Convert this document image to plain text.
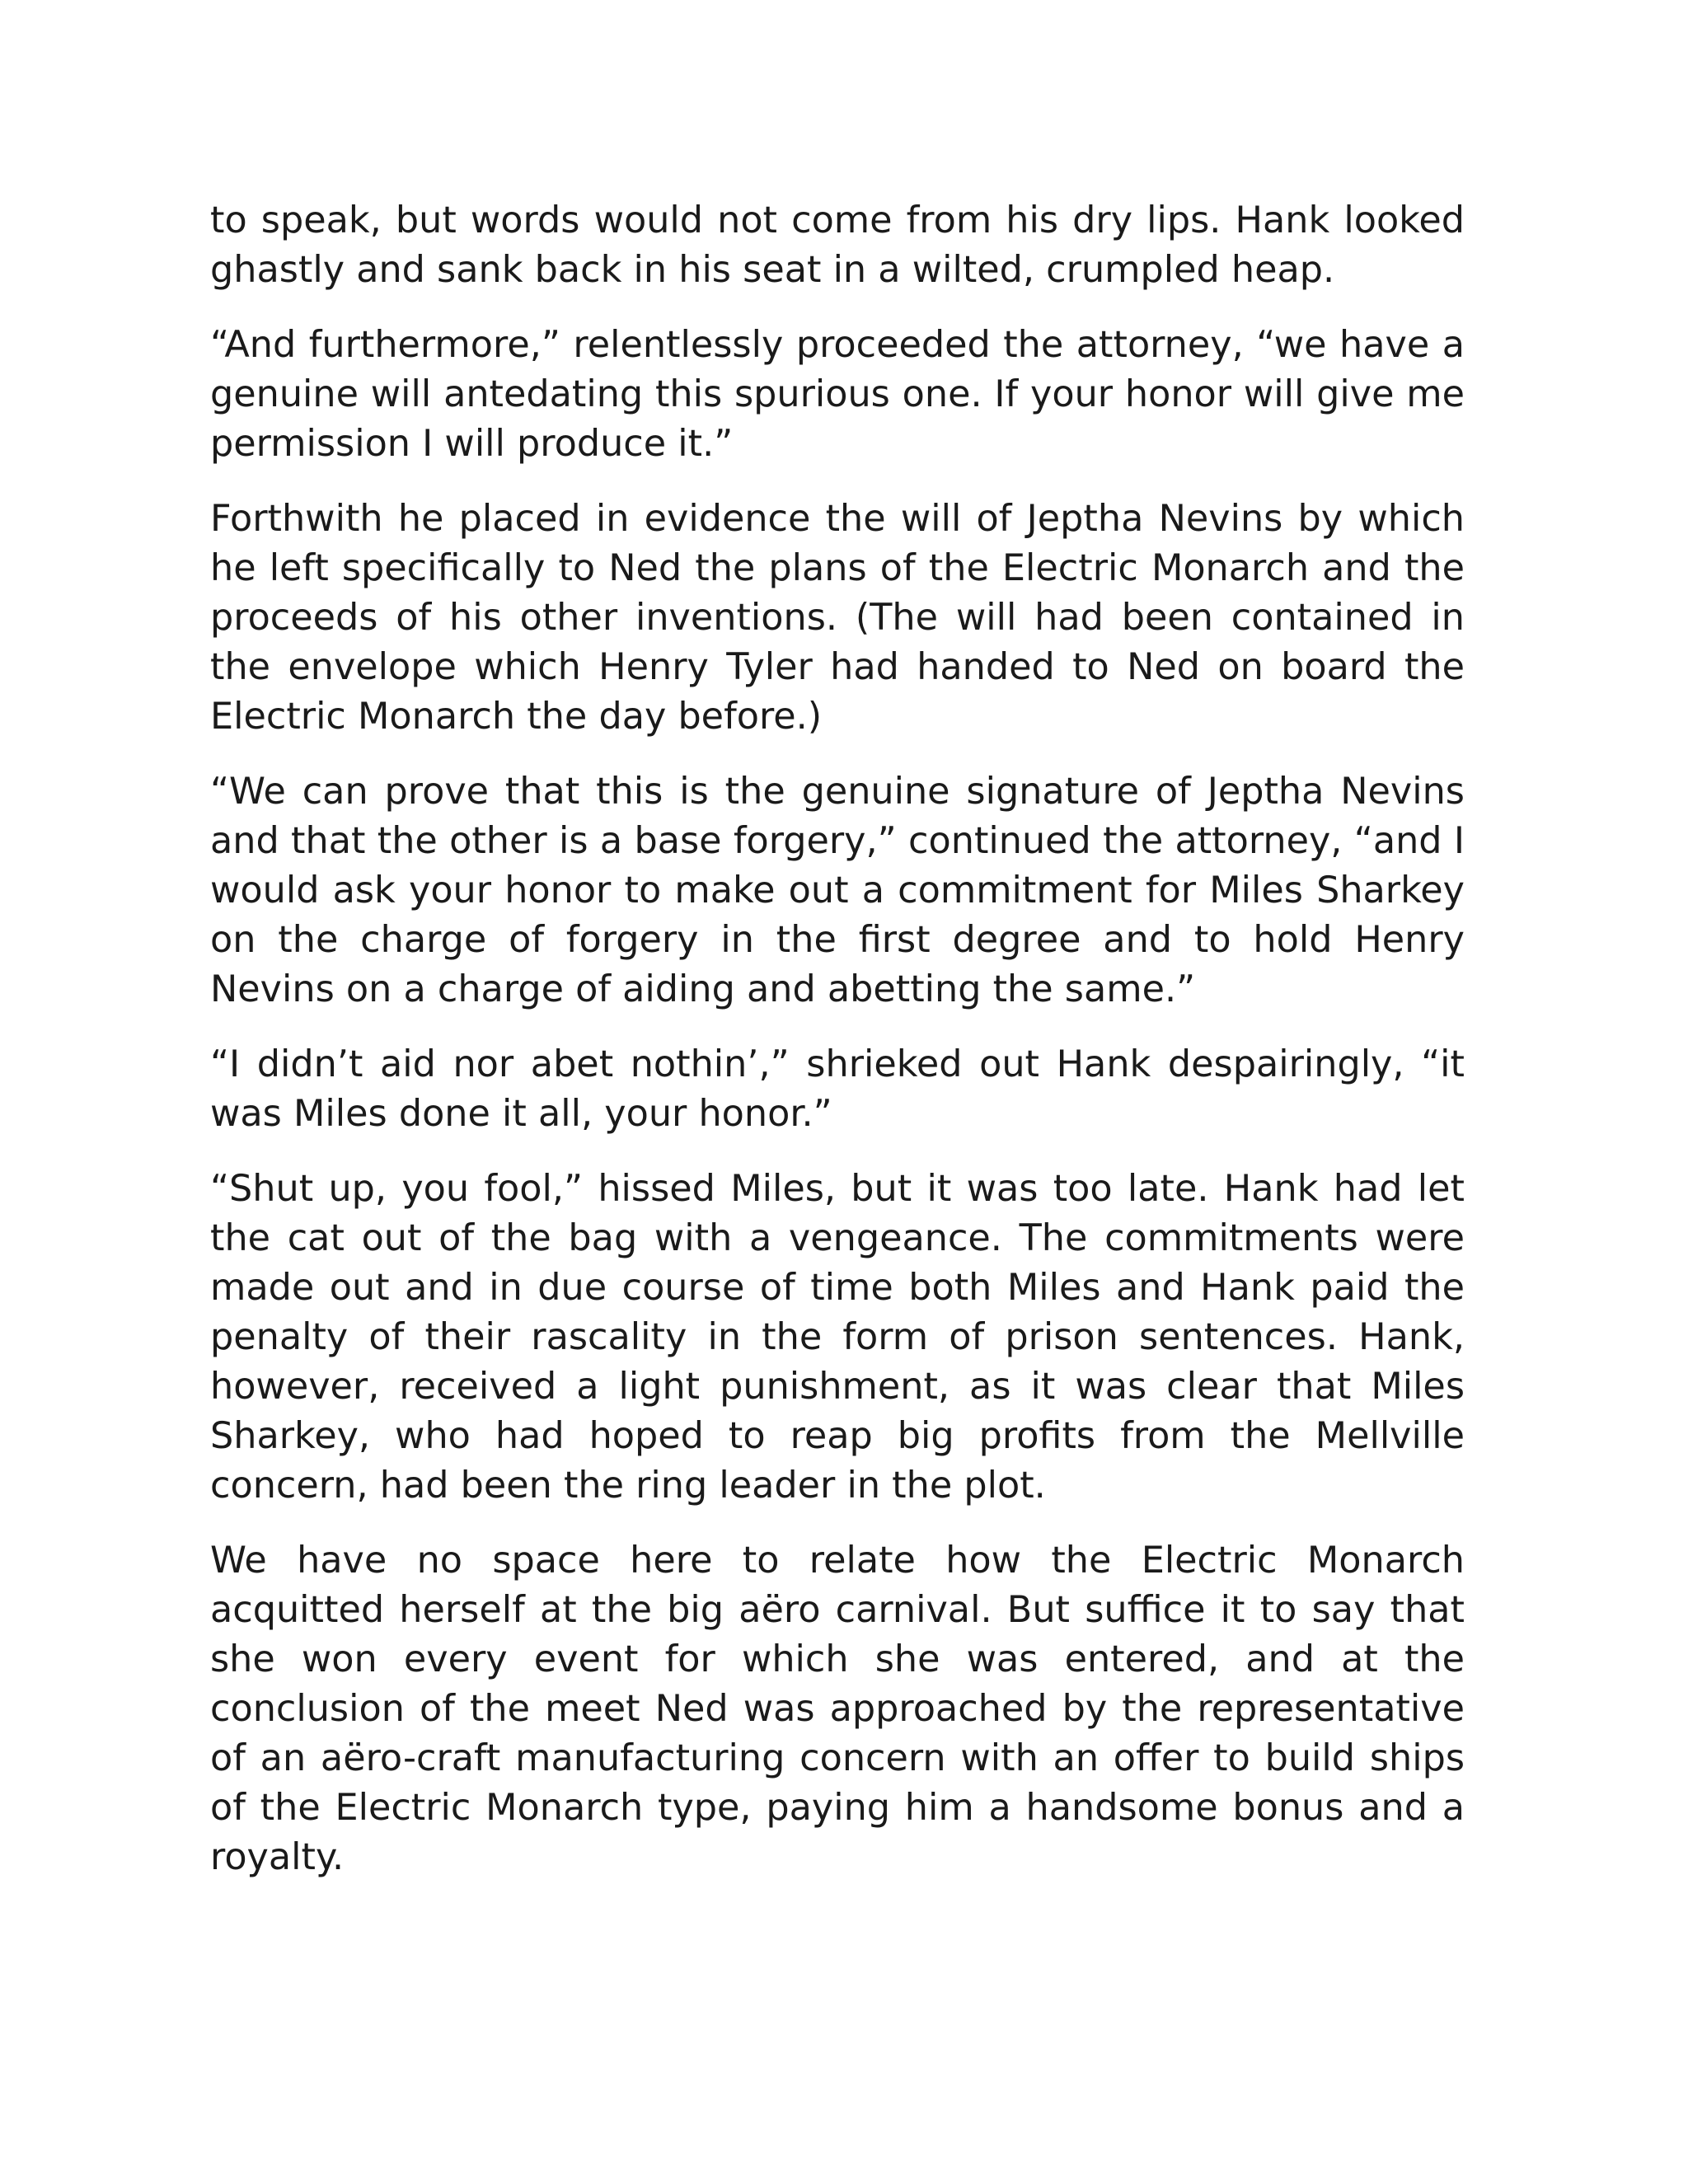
to speak, but words would not come from his dry lips. Hank looked ghastly and sank back in his seat in a wilted, crumpled heap.

“And furthermore,” relentlessly proceeded the attorney, “we have a genuine will antedating this spurious one. If your honor will give me permission I will produce it.”

Forthwith he placed in evidence the will of Jeptha Nevins by which he left specifically to Ned the plans of the Electric Monarch and the proceeds of his other inventions. (The will had been contained in the envelope which Henry Tyler had handed to Ned on board the Electric Monarch the day before.)

“We can prove that this is the genuine signature of Jeptha Nevins and that the other is a base forgery,” continued the attorney, “and I would ask your honor to make out a commitment for Miles Sharkey on the charge of forgery in the first degree and to hold Henry Nevins on a charge of aiding and abetting the same.”

“I didn’t aid nor abet nothin’,” shrieked out Hank despairingly, “it was Miles done it all, your honor.”

“Shut up, you fool,” hissed Miles, but it was too late. Hank had let the cat out of the bag with a vengeance. The commitments were made out and in due course of time both Miles and Hank paid the penalty of their rascality in the form of prison sentences. Hank, however, received a light punishment, as it was clear that Miles Sharkey, who had hoped to reap big profits from the Mellville concern, had been the ring leader in the plot.

We have no space here to relate how the Electric Monarch acquitted herself at the big aëro carnival. But suffice it to say that she won every event for which she was entered, and at the conclusion of the meet Ned was approached by the representative of an aëro-craft manufacturing concern with an offer to build ships of the Electric Monarch type, paying him a handsome bonus and a royalty.
